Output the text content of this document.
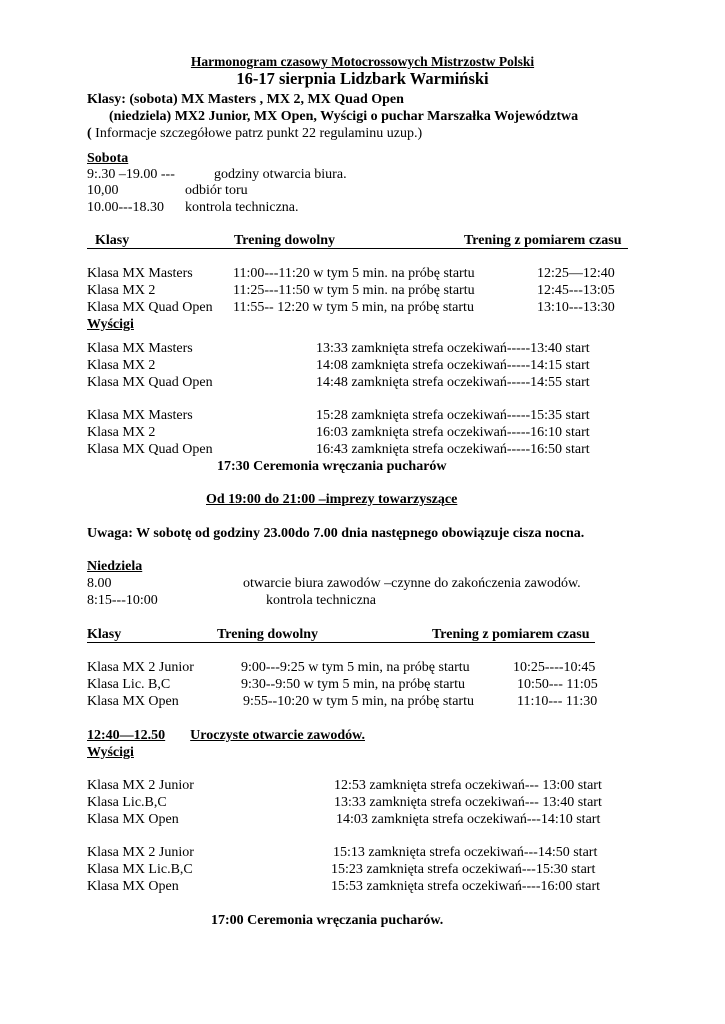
Harmonogram czasowy Motocrossowych Mistrzostw Polski
16-17 sierpnia Lidzbark Warmiński
Klasy: (sobota) MX Masters , MX 2, MX Quad Open
(niedziela) MX2 Junior, MX Open, Wyścigi o puchar Marszałka Województwa
( Informacje szczegółowe patrz punkt 22 regulaminu uzup.)
Sobota
9:.30 –19.00 ---	godziny otwarcia biura.
10,00	odbiór toru
10.00---18.30 kontrola techniczna.
Klasy	Trening dowolny	Trening z pomiarem czasu
Klasa MX Masters	11:00---11:20 w tym 5 min. na próbę startu	12:25—12:40
Klasa MX 2	11:25---11:50 w tym 5 min. na próbę startu	12:45---13:05
Klasa MX Quad Open 11:55-- 12:20 w tym 5 min, na próbę startu	13:10---13:30
Wyścigi
Klasa MX Masters	13:33 zamknięta strefa oczekiwań-----13:40 start
Klasa MX 2	14:08 zamknięta strefa oczekiwań-----14:15 start
Klasa MX Quad Open	14:48 zamknięta strefa oczekiwań-----14:55 start
Klasa MX Masters	15:28 zamknięta strefa oczekiwań-----15:35 start
Klasa MX 2	16:03 zamknięta strefa oczekiwań-----16:10 start
Klasa MX Quad Open	16:43 zamknięta strefa oczekiwań-----16:50 start
17:30 Ceremonia wręczania pucharów
Od 19:00 do 21:00 –imprezy towarzyszące
Uwaga: W sobotę od godziny 23.00do 7.00 dnia następnego obowiązuje cisza nocna.
Niedziela
8.00	otwarcie biura zawodów –czynne do zakończenia zawodów.
8:15---10:00	kontrola techniczna
Klasy	Trening dowolny	Trening z pomiarem czasu
Klasa MX 2 Junior	9:00---9:25 w tym 5 min, na próbę startu	10:25----10:45
Klasa Lic. B,C	9:30--9:50 w tym 5 min, na próbę startu	10:50--- 11:05
Klasa MX Open	9:55--10:20 w tym 5 min, na próbę startu	11:10--- 11:30
12:40—12.50 Uroczyste otwarcie zawodów.
Wyścigi
Klasa MX 2 Junior	12:53 zamknięta strefa oczekiwań--- 13:00 start
Klasa Lic.B,C	13:33 zamknięta strefa oczekiwań--- 13:40 start
Klasa MX Open	14:03 zamknięta strefa oczekiwań---14:10 start
Klasa MX 2 Junior	15:13 zamknięta strefa oczekiwań---14:50 start
Klasa MX Lic.B,C	15:23 zamknięta strefa oczekiwań---15:30 start
Klasa MX Open	15:53 zamknięta strefa oczekiwań----16:00 start
17:00 Ceremonia wręczania pucharów.
